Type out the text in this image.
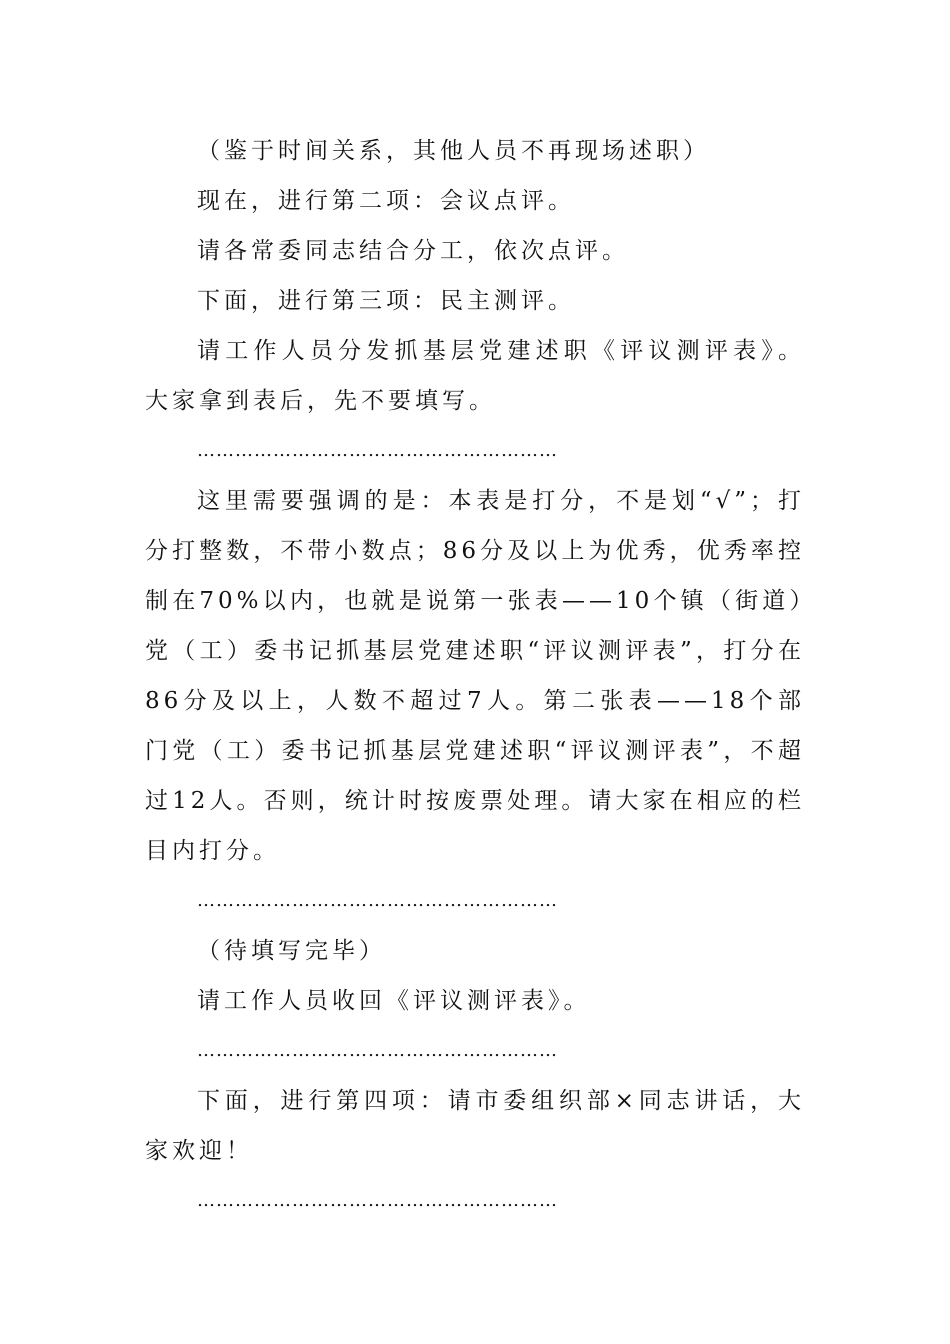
（鉴于时间关系，其他人员不再现场述职）

现在，进行第二项：会议点评。

请各常委同志结合分工，依次点评。

下面，进行第三项：民主测评。

请工作人员分发抓基层党建述职《评议测评表》。大家拿到表后，先不要填写。

…………………………………………………

这里需要强调的是：本表是打分，不是划“√”；打分打整数，不带小数点；86分及以上为优秀，优秀率控制在70%以内，也就是说第一张表——10个镇（街道）党（工）委书记抓基层党建述职“评议测评表”，打分在86分及以上，人数不超过7人。第二张表——18个部门党（工）委书记抓基层党建述职“评议测评表”，不超过12人。否则，统计时按废票处理。请大家在相应的栏目内打分。

…………………………………………………

（待填写完毕）

请工作人员收回《评议测评表》。

…………………………………………………

下面，进行第四项：请市委组织部×同志讲话，大家欢迎！

…………………………………………………
